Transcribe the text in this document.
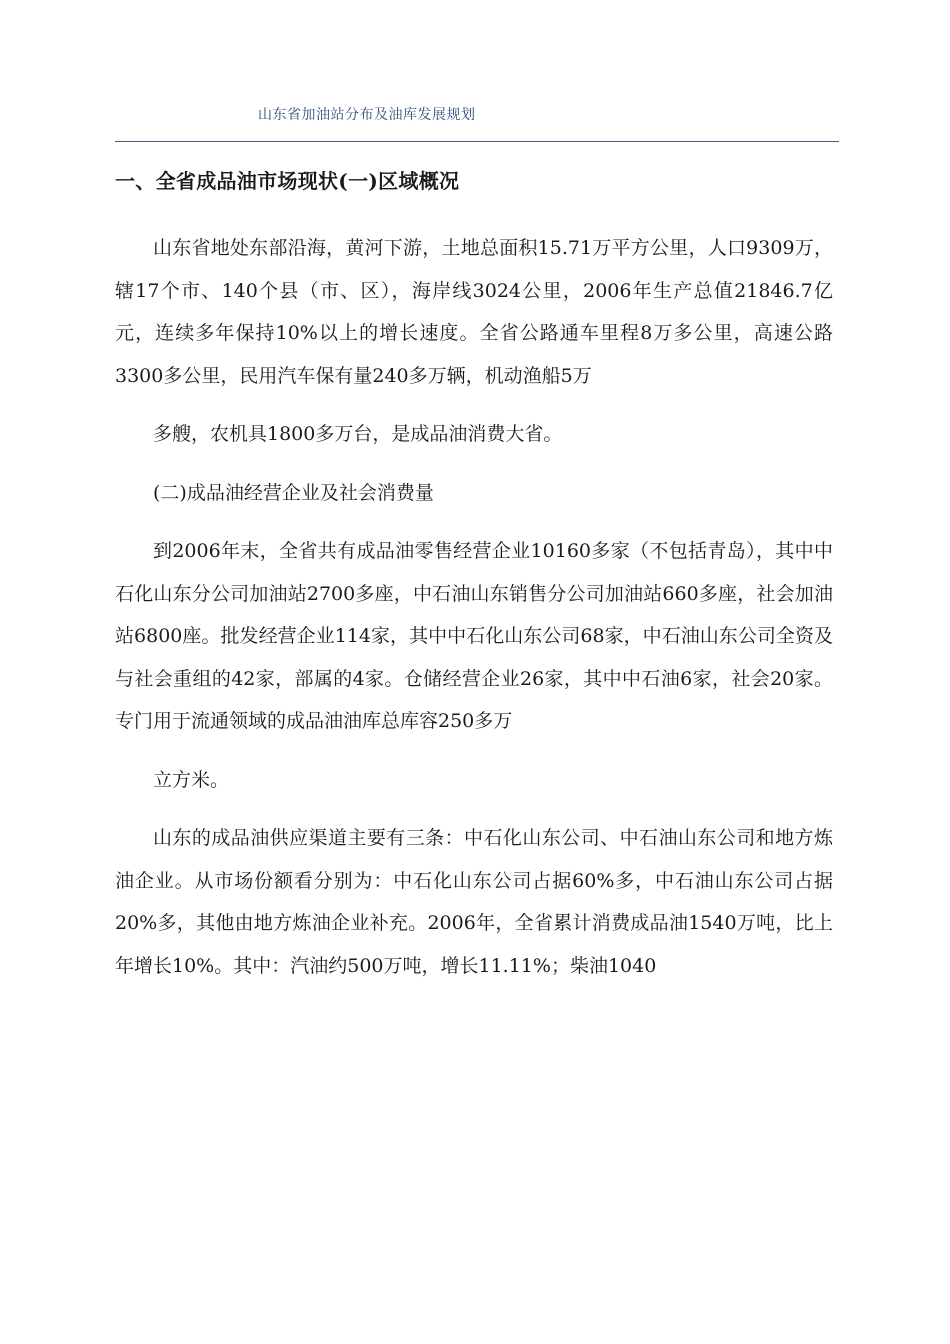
山东省加油站分布及油库发展规划
一、全省成品油市场现状(一)区域概况

山东省地处东部沿海，黄河下游，土地总面积15.71万平方公里，人口9309万，辖17个市、140个县（市、区），海岸线3024公里，2006年生产总值21846.7亿元，连续多年保持10%以上的增长速度。全省公路通车里程8万多公里，高速公路3300多公里，民用汽车保有量240多万辆，机动渔船5万

多艘，农机具1800多万台，是成品油消费大省。

(二)成品油经营企业及社会消费量

到2006年末，全省共有成品油零售经营企业10160多家（不包括青岛），其中中石化山东分公司加油站2700多座，中石油山东销售分公司加油站660多座，社会加油站6800座。批发经营企业114家，其中中石化山东公司68家，中石油山东公司全资及与社会重组的42家，部属的4家。仓储经营企业26家，其中中石油6家，社会20家。专门用于流通领域的成品油油库总库容250多万

立方米。

山东的成品油供应渠道主要有三条：中石化山东公司、中石油山东公司和地方炼油企业。从市场份额看分别为：中石化山东公司占据60%多，中石油山东公司占据20%多，其他由地方炼油企业补充。2006年，全省累计消费成品油1540万吨，比上年增长10%。其中：汽油约500万吨，增长11.11%；柴油1040
